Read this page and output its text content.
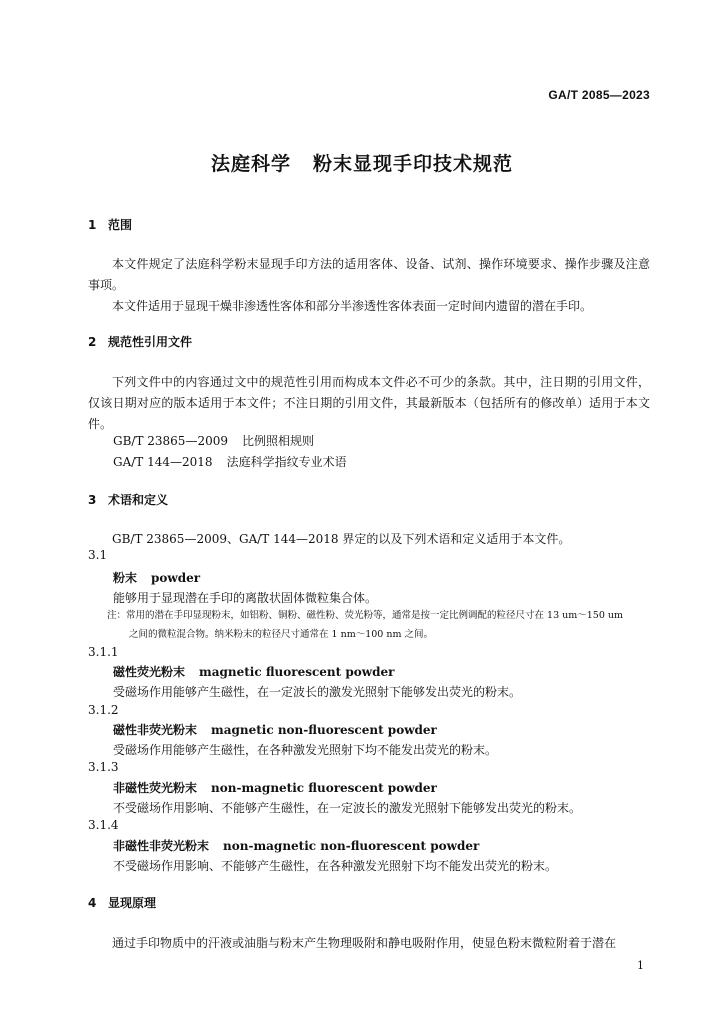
GA/T 2085—2023
法庭科学 粉末显现手印技术规范
1 范围
本文件规定了法庭科学粉末显现手印方法的适用客体、设备、试剂、操作环境要求、操作步骤及注意事项。
本文件适用于显现干燥非渗透性客体和部分半渗透性客体表面一定时间内遗留的潜在手印。
2 规范性引用文件
下列文件中的内容通过文中的规范性引用而构成本文件必不可少的条款。其中，注日期的引用文件，仅该日期对应的版本适用于本文件；不注日期的引用文件，其最新版本（包括所有的修改单）适用于本文件。
GB/T 23865—2009 比例照相规则
GA/T 144—2018 法庭科学指纹专业术语
3 术语和定义
GB/T 23865—2009、GA/T 144—2018 界定的以及下列术语和定义适用于本文件。
3.1
粉末 powder
能够用于显现潜在手印的离散状固体微粒集合体。
注：常用的潜在手印显现粉末，如铝粉、铜粉、磁性粉、荧光粉等，通常是按一定比例调配的粒径尺寸在 13 um～150 um
之间的微粒混合物。纳米粉末的粒径尺寸通常在 1 nm～100 nm 之间。
3.1.1
磁性荧光粉末 magnetic fluorescent powder
受磁场作用能够产生磁性，在一定波长的激发光照射下能够发出荧光的粉末。
3.1.2
磁性非荧光粉末 magnetic non-fluorescent powder
受磁场作用能够产生磁性，在各种激发光照射下均不能发出荧光的粉末。
3.1.3
非磁性荧光粉末 non-magnetic fluorescent powder
不受磁场作用影响、不能够产生磁性，在一定波长的激发光照射下能够发出荧光的粉末。
3.1.4
非磁性非荧光粉末 non-magnetic non-fluorescent powder
不受磁场作用影响、不能够产生磁性，在各种激发光照射下均不能发出荧光的粉末。
4 显现原理
通过手印物质中的汗液或油脂与粉末产生物理吸附和静电吸附作用，使显色粉末微粒附着于潜在
1
